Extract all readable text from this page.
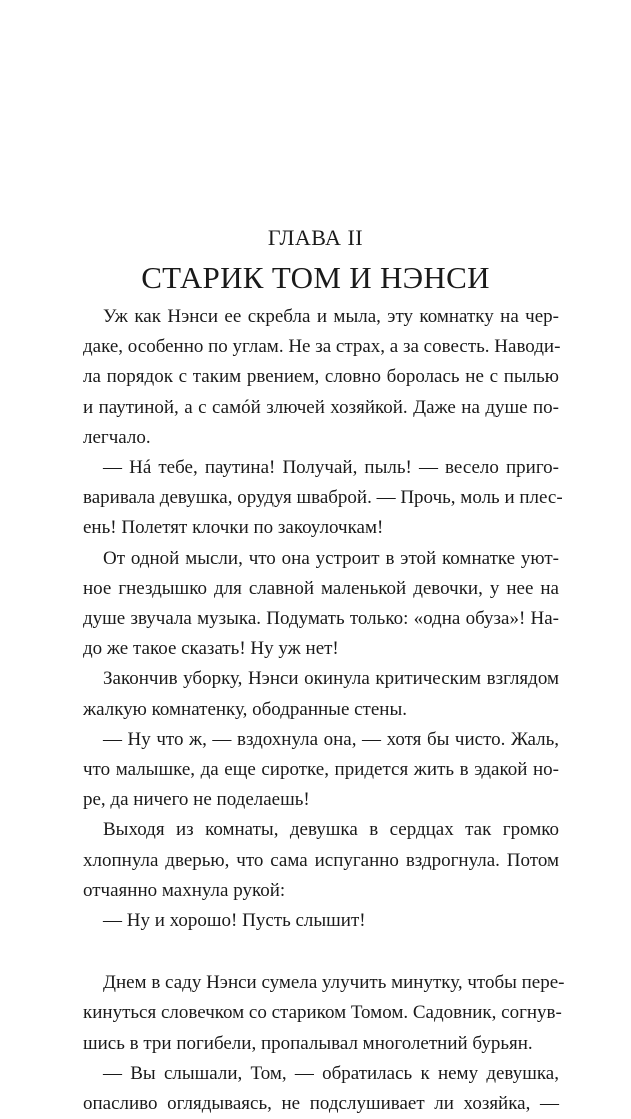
ГЛАВА II
СТАРИК ТОМ И НЭНСИ
Уж как Нэнси ее скребла и мыла, эту комнатку на чер-
даке, особенно по углам. Не за страх, а за совесть. Наводи-
ла порядок с таким рвением, словно боролась не с пылью
и паутиной, а с самóй злючей хозяйкой. Даже на душе по-
легчало.
— Нá тебе, паутина! Получай, пыль! — весело приго-
варивала девушка, орудуя шваброй. — Прочь, моль и плес-
ень! Полетят клочки по закоулочкам!
От одной мысли, что она устроит в этой комнатке уют-
ное гнездышко для славной маленькой девочки, у нее на
душе звучала музыка. Подумать только: «одна обуза»! На-
до же такое сказать! Ну уж нет!
Закончив уборку, Нэнси окинула критическим взглядом
жалкую комнатенку, ободранные стены.
— Ну что ж, — вздохнула она, — хотя бы чисто. Жаль,
что малышке, да еще сиротке, придется жить в эдакой но-
ре, да ничего не поделаешь!
Выходя из комнаты, девушка в сердцах так громко
хлопнула дверью, что сама испуганно вздрогнула. Потом
отчаянно махнула рукой:
— Ну и хорошо! Пусть слышит!
Днем в саду Нэнси сумела улучить минутку, чтобы пере-
кинуться словечком со стариком Томом. Садовник, согнув-
шись в три погибели, пропалывал многолетний бурьян.
— Вы слышали, Том, — обратилась к нему девушка,
опасливо оглядываясь, не подслушивает ли хозяйка, —
